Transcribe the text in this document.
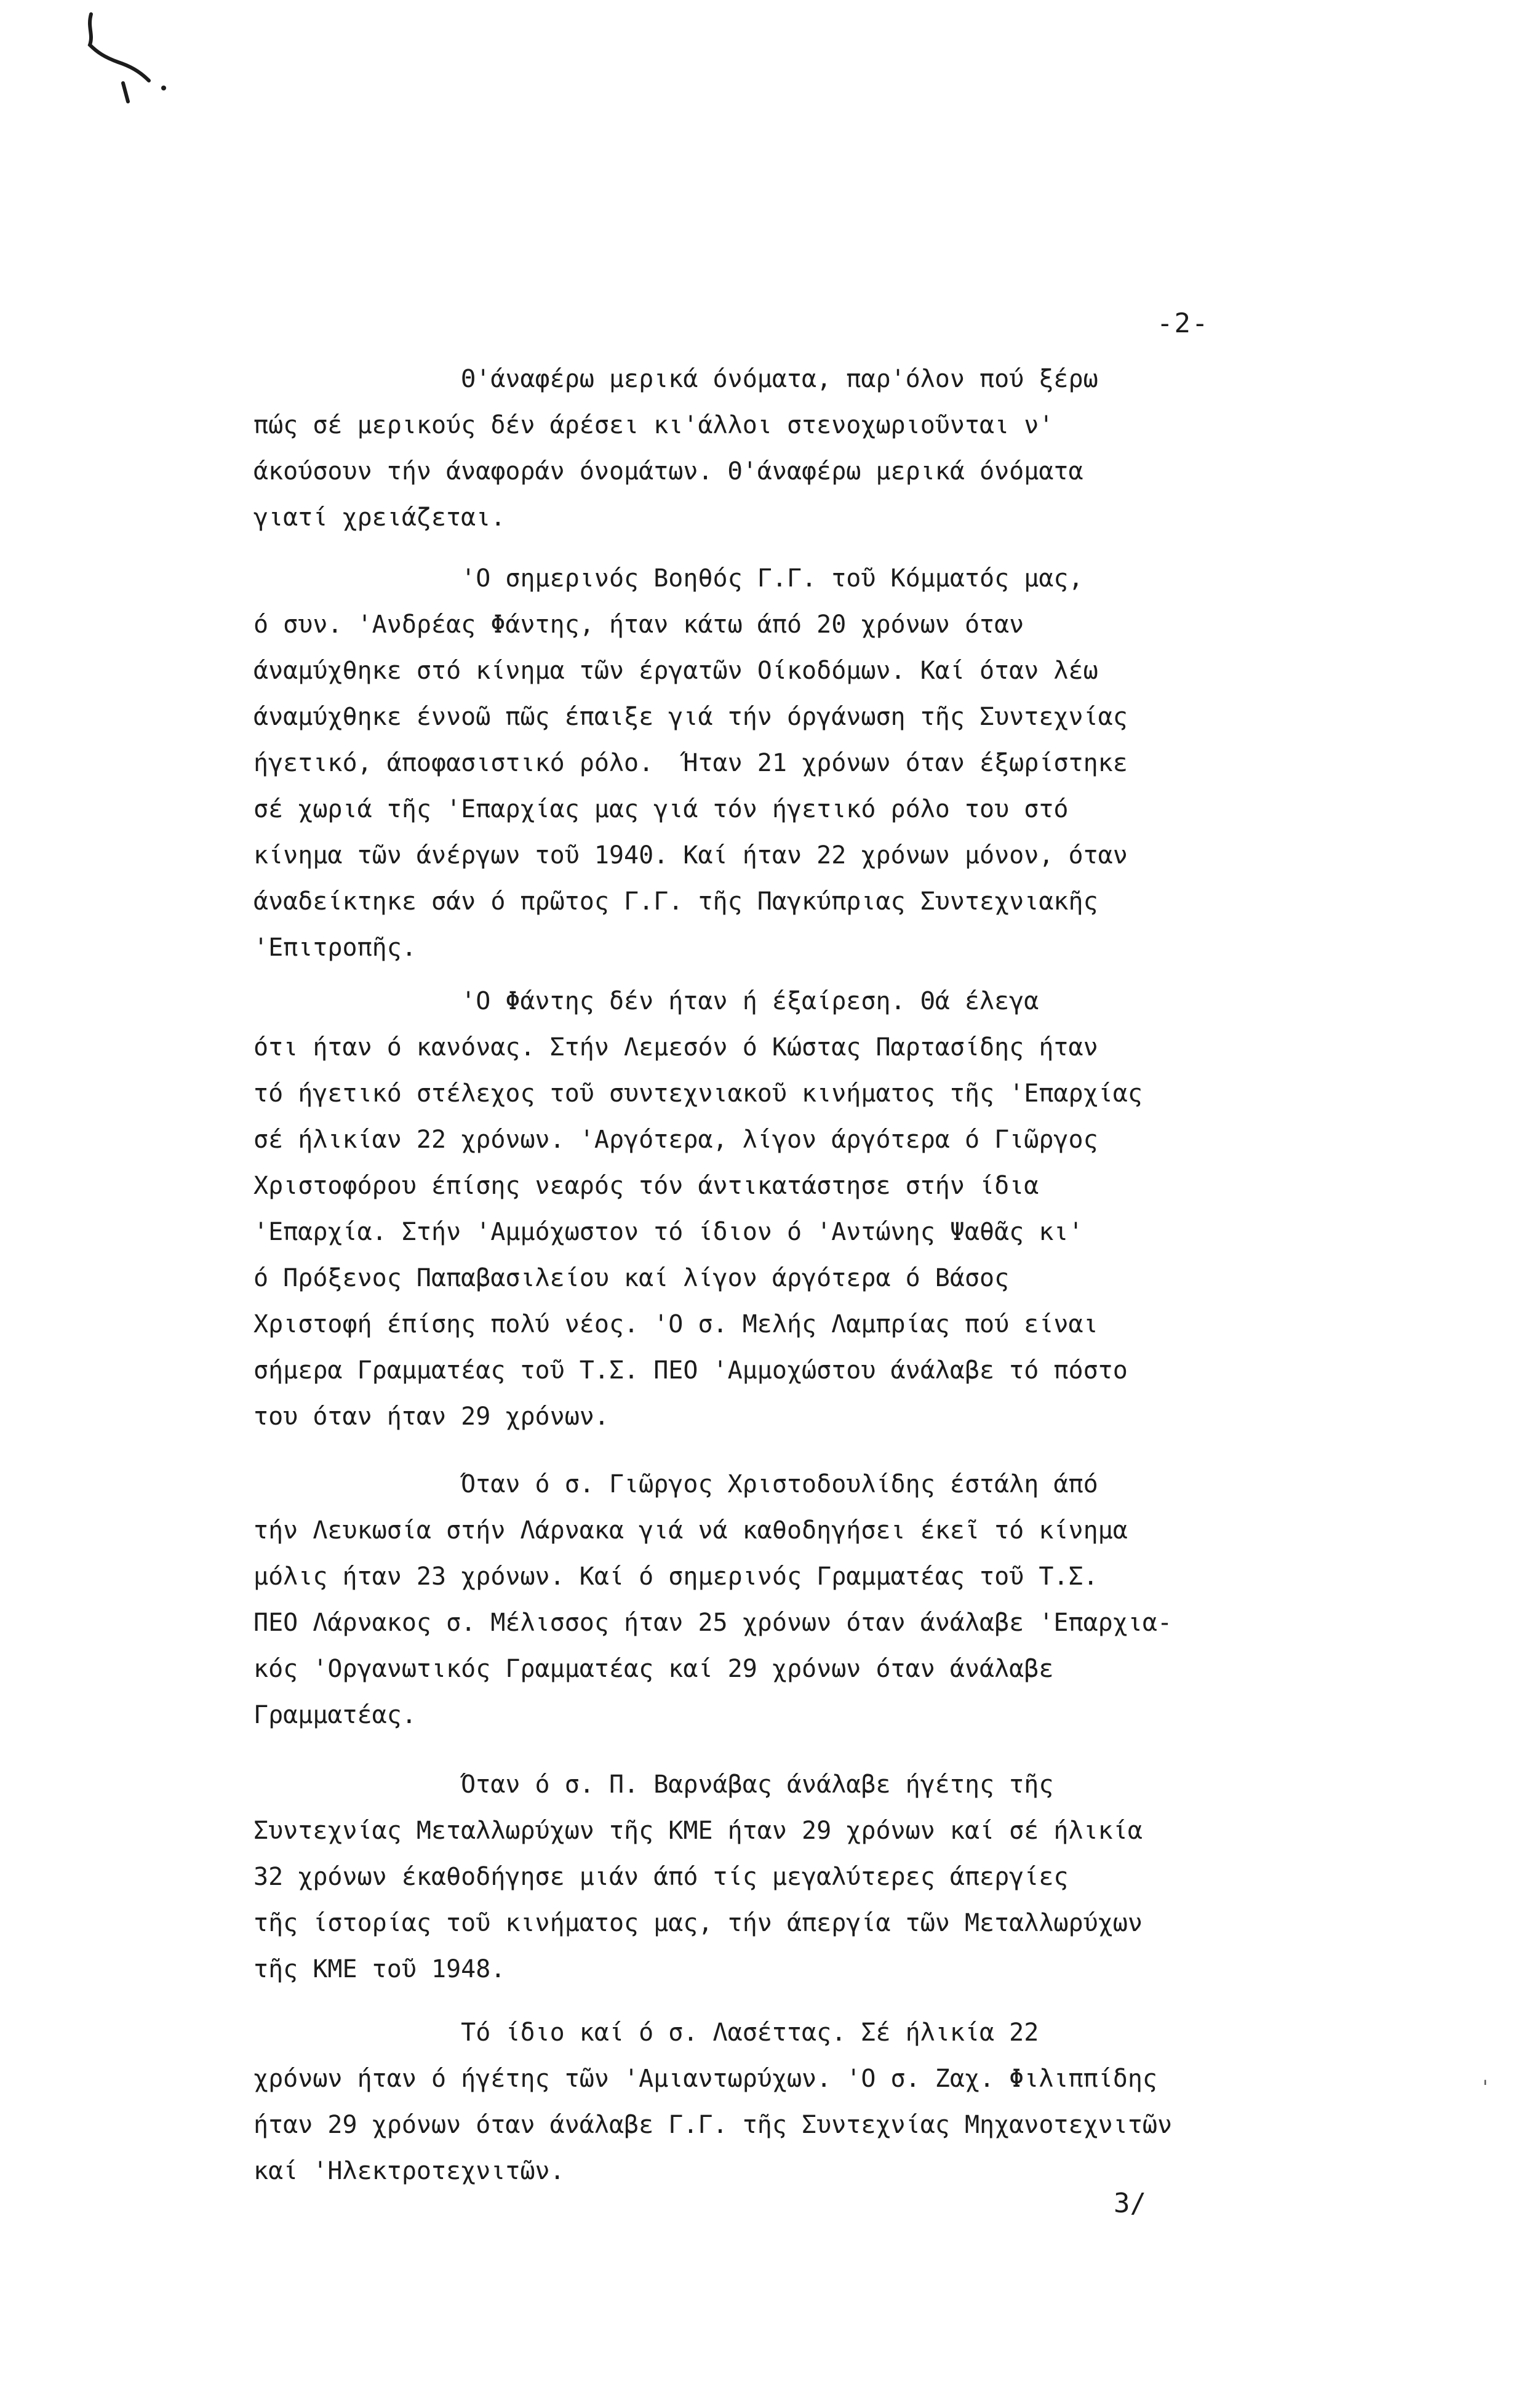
-2-
Θ'άναφέρω μερικά όνόματα, παρ'όλον πού ξέρω
πώς σέ μερικούς δέν άρέσει κι'άλλοι στενοχωριοῦνται ν'
άκούσουν τήν άναφοράν όνομάτων. Θ'άναφέρω μερικά όνόματα
γιατί χρειάζεται.
'Ο σημερινός Βοηθός Γ.Γ. τοῦ Κόμματός μας,
ό συν. 'Ανδρέας Φάντης, ήταν κάτω άπό 20 χρόνων όταν
άναμύχθηκε στό κίνημα τῶν έργατῶν Οίκοδόμων. Καί όταν λέω
άναμύχθηκε έννοῶ πῶς έπαιξε γιά τήν όργάνωση τῆς Συντεχνίας
ήγετικό, άποφασιστικό ρόλο.  Ήταν 21 χρόνων όταν έξωρίστηκε
σέ χωριά τῆς 'Επαρχίας μας γιά τόν ήγετικό ρόλο του στό
κίνημα τῶν άνέργων τοῦ 1940. Καί ήταν 22 χρόνων μόνον, όταν
άναδείκτηκε σάν ό πρῶτος Γ.Γ. τῆς Παγκύπριας Συντεχνιακῆς
'Επιτροπῆς.
'Ο Φάντης δέν ήταν ή έξαίρεση. Θά έλεγα
ότι ήταν ό κανόνας. Στήν Λεμεσόν ό Κώστας Παρτασίδης ήταν
τό ήγετικό στέλεχος τοῦ συντεχνιακοῦ κινήματος τῆς 'Επαρχίας
σέ ήλικίαν 22 χρόνων. 'Αργότερα, λίγον άργότερα ό Γιῶργος
Χριστοφόρου έπίσης νεαρός τόν άντικατάστησε στήν ίδια
'Επαρχία. Στήν 'Αμμόχωστον τό ίδιον ό 'Αντώνης Ψαθᾶς κι'
ό Πρόξενος Παπαβασιλείου καί λίγον άργότερα ό Βάσος
Χριστοφή έπίσης πολύ νέος. 'Ο σ. Μελής Λαμπρίας πού είναι
σήμερα Γραμματέας τοῦ Τ.Σ. ΠΕΟ 'Αμμοχώστου άνάλαβε τό πόστο
του όταν ήταν 29 χρόνων.
Όταν ό σ. Γιῶργος Χριστοδουλίδης έστάλη άπό
τήν Λευκωσία στήν Λάρνακα γιά νά καθοδηγήσει έκεῖ τό κίνημα
μόλις ήταν 23 χρόνων. Καί ό σημερινός Γραμματέας τοῦ Τ.Σ.
ΠΕΟ Λάρνακος σ. Μέλισσος ήταν 25 χρόνων όταν άνάλαβε 'Επαρχια-
κός 'Οργανωτικός Γραμματέας καί 29 χρόνων όταν άνάλαβε
Γραμματέας.
Όταν ό σ. Π. Βαρνάβας άνάλαβε ήγέτης τῆς
Συντεχνίας Μεταλλωρύχων τῆς ΚΜΕ ήταν 29 χρόνων καί σέ ήλικία
32 χρόνων έκαθοδήγησε μιάν άπό τίς μεγαλύτερες άπεργίες
τῆς ίστορίας τοῦ κινήματος μας, τήν άπεργία τῶν Μεταλλωρύχων
τῆς ΚΜΕ τοῦ 1948.
Τό ίδιο καί ό σ. Λασέττας. Σέ ήλικία 22
χρόνων ήταν ό ήγέτης τῶν 'Αμιαντωρύχων. 'Ο σ. Ζαχ. Φιλιππίδης
ήταν 29 χρόνων όταν άνάλαβε Γ.Γ. τῆς Συντεχνίας Μηχανοτεχνιτῶν
καί 'Ηλεκτροτεχνιτῶν.
'
3/
